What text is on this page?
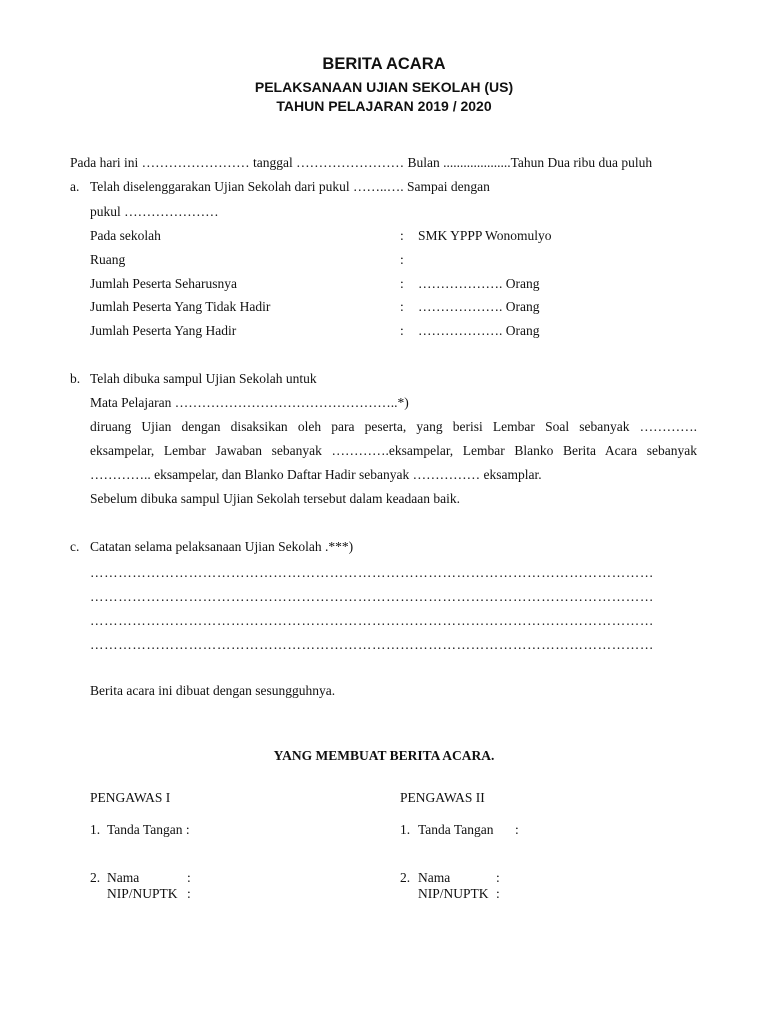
BERITA ACARA
PELAKSANAAN UJIAN SEKOLAH (US)
TAHUN PELAJARAN 2019 / 2020
Pada hari ini …………………… tanggal …………………… Bulan ....................Tahun Dua ribu dua puluh
a. Telah diselenggarakan Ujian Sekolah dari pukul ……..…. Sampai dengan
pukul …………………
Pada sekolah	: SMK YPPP Wonomulyo
Ruang	:
Jumlah Peserta Seharusnya	: ………………. Orang
Jumlah Peserta Yang Tidak Hadir	: ………………. Orang
Jumlah Peserta Yang Hadir	: ………………. Orang
b. Telah dibuka sampul Ujian Sekolah untuk
Mata Pelajaran …………………………………………..*)
diruang Ujian dengan disaksikan oleh para peserta, yang berisi Lembar Soal sebanyak ………….
eksampelar, Lembar Jawaban sebanyak ………….eksampelar, Lembar Blanko Berita Acara sebanyak
………….. eksampelar, dan Blanko Daftar Hadir sebanyak …………… eksamplar.
Sebelum dibuka sampul Ujian Sekolah tersebut dalam keadaan baik.
c. Catatan selama pelaksanaan Ujian Sekolah .***)
…………………………………………………………………………………………………………
…………………………………………………………………………………………………………
…………………………………………………………………………………………………………
…………………………………………………………………………………………………………
Berita acara ini dibuat dengan sesungguhnya.
YANG MEMBUAT BERITA ACARA.
PENGAWAS I
1. Tanda Tangan :
2. Nama	:
NIP/NUPTK :
PENGAWAS II
1. Tanda Tangan :
2. Nama	:
NIP/NUPTK :
